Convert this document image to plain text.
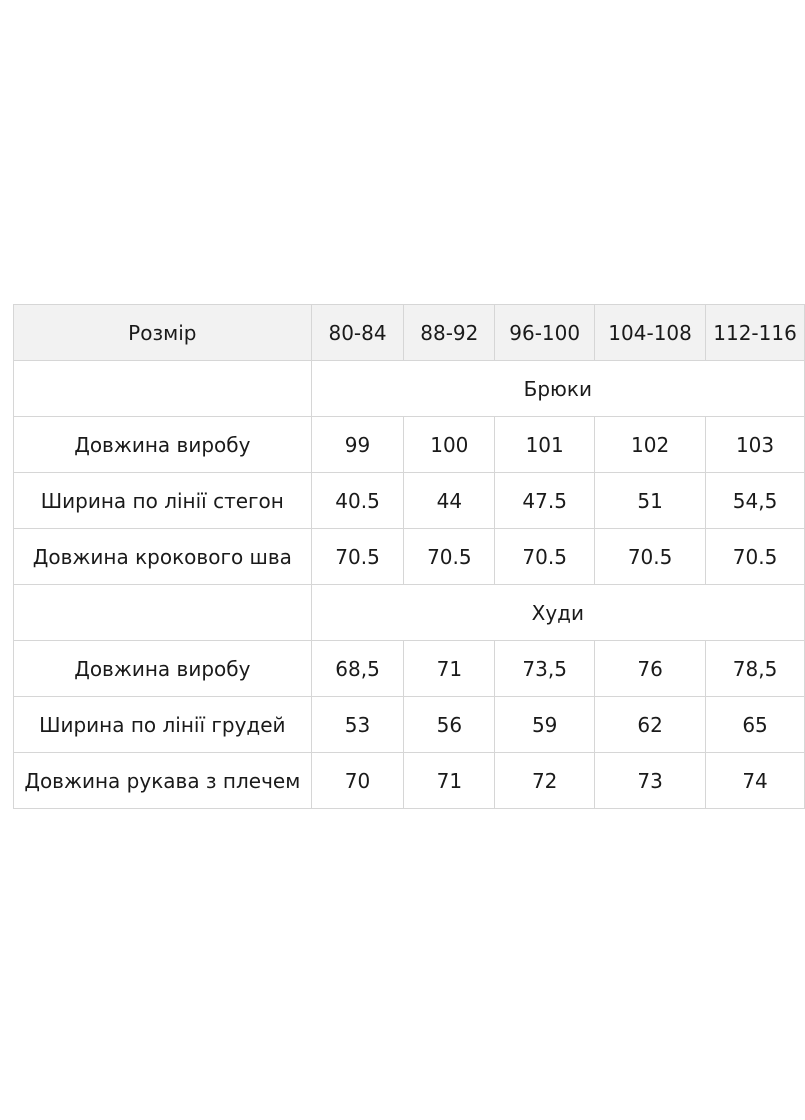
Розмір	80-84	88-92	96-100	104-108	112-116
	Брюки				
Довжина виробу	99	100	101	102	103
Ширина по лінії стегон	40.5	44	47.5	51	54,5
Довжина крокового шва	70.5	70.5	70.5	70.5	70.5
	Худи				
Довжина виробу	68,5	71	73,5	76	78,5
Ширина по лінії грудей	53	56	59	62	65
Довжина рукава з плечем	70	71	72	73	74
